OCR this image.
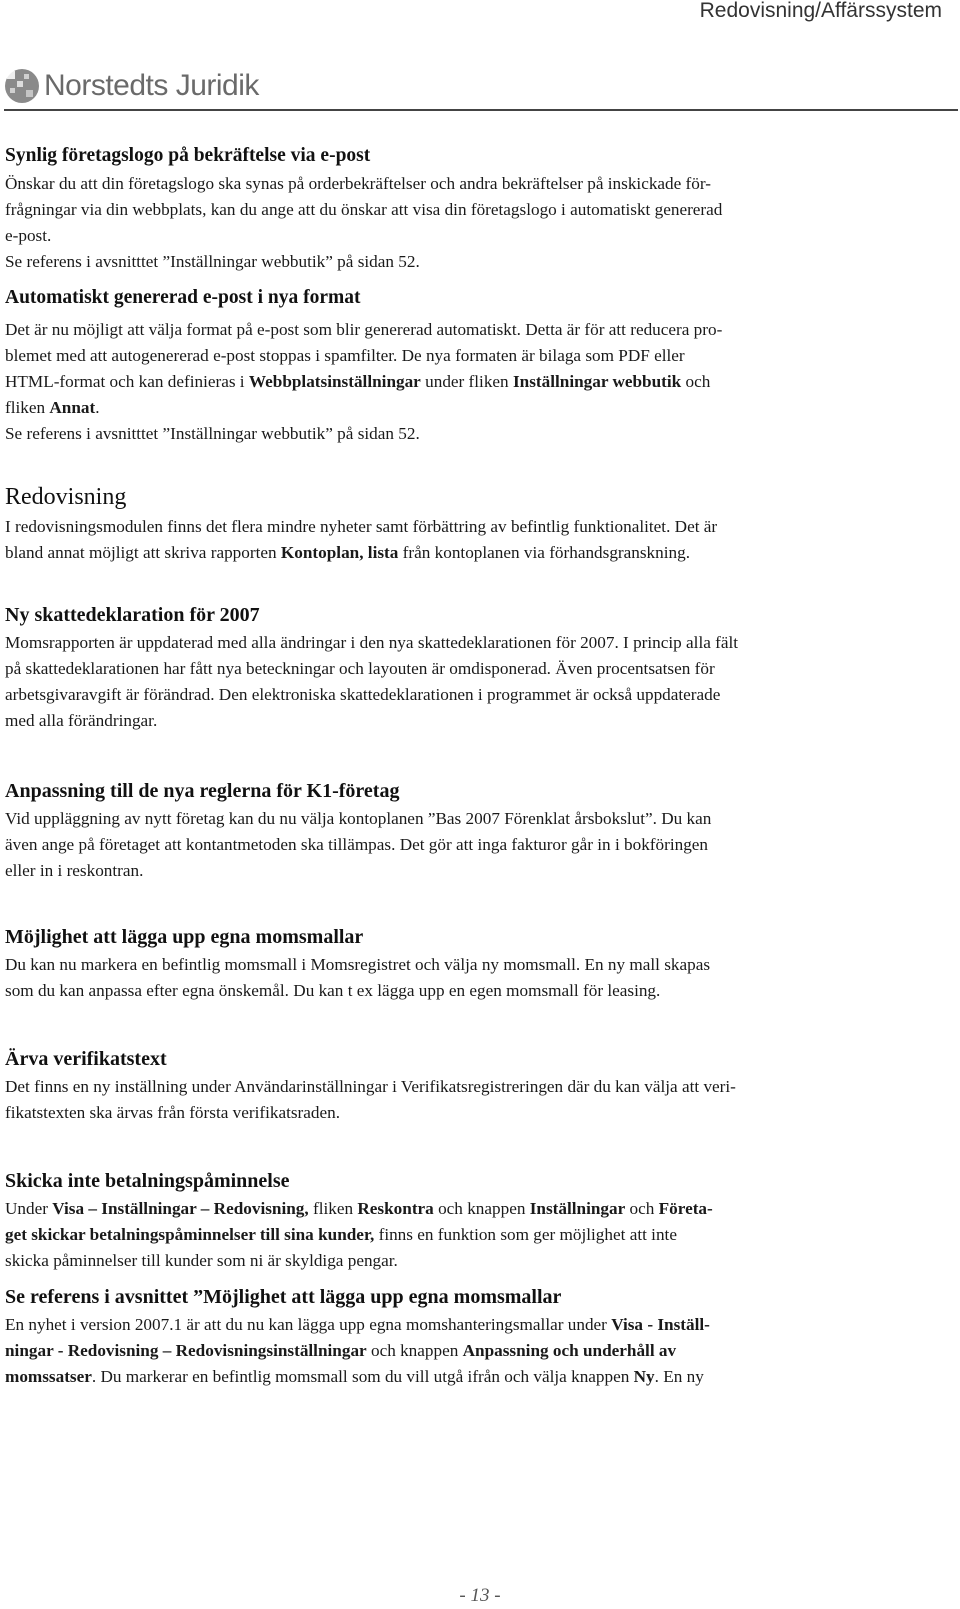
Redovisning/Affärssystem
Norstedts Juridik
Synlig företagslogo på bekräftelse via e-post

Önskar du att din företagslogo ska synas på orderbekräftelser och andra bekräftelser på inskickade för-

frågningar via din webbplats, kan du ange att du önskar att visa din företagslogo i automatiskt genererad

e-post.

Se referens i avsnitttet ”Inställningar webbutik” på sidan 52.

Automatiskt genererad e-post i nya format

Det är nu möjligt att välja format på e-post som blir genererad automatiskt. Detta är för att reducera pro-

blemet med att autogenererad e-post stoppas i spamfilter. De nya formaten är bilaga som PDF eller

HTML-format och kan definieras i Webbplatsinställningar under fliken Inställningar webbutik och

fliken Annat.

Se referens i avsnitttet ”Inställningar webbutik” på sidan 52.

Redovisning

I redovisningsmodulen finns det flera mindre nyheter samt förbättring av befintlig funktionalitet. Det är

bland annat möjligt att skriva rapporten Kontoplan, lista från kontoplanen via förhandsgranskning.

Ny skattedeklaration för 2007

Momsrapporten är uppdaterad med alla ändringar i den nya skattedeklarationen för 2007. I princip alla fält

på skattedeklarationen har fått nya beteckningar och layouten är omdisponerad. Även procentsatsen för

arbetsgivaravgift är förändrad. Den elektroniska skattedeklarationen i programmet är också uppdaterade

med alla förändringar.

Anpassning till de nya reglerna för K1-företag

Vid uppläggning av nytt företag kan du nu välja kontoplanen ”Bas 2007 Förenklat årsbokslut”. Du kan

även ange på företaget att kontantmetoden ska tillämpas. Det gör att inga fakturor går in i bokföringen

eller in i reskontran.

Möjlighet att lägga upp egna momsmallar

Du kan nu markera en befintlig momsmall i Momsregistret och välja ny momsmall. En ny mall skapas

som du kan anpassa efter egna önskemål. Du kan t ex lägga upp en egen momsmall för leasing.

Ärva verifikatstext

Det finns en ny inställning under Användarinställningar i Verifikatsregistreringen där du kan välja att veri-

fikatstexten ska ärvas från första verifikatsraden.

Skicka inte betalningspåminnelse

Under Visa – Inställningar – Redovisning, fliken Reskontra och knappen Inställningar och Företa-

get skickar betalningspåminnelser till sina kunder, finns en funktion som ger möjlighet att inte

skicka påminnelser till kunder som ni är skyldiga pengar.

Se referens i avsnittet ”Möjlighet att lägga upp egna momsmallar

En nyhet i version 2007.1 är att du nu kan lägga upp egna momshanteringsmallar under Visa - Inställ-

ningar - Redovisning – Redovisningsinställningar och knappen Anpassning och underhåll av

momssatser. Du markerar en befintlig momsmall som du vill utgå ifrån och välja knappen Ny. En ny

- 13 -
